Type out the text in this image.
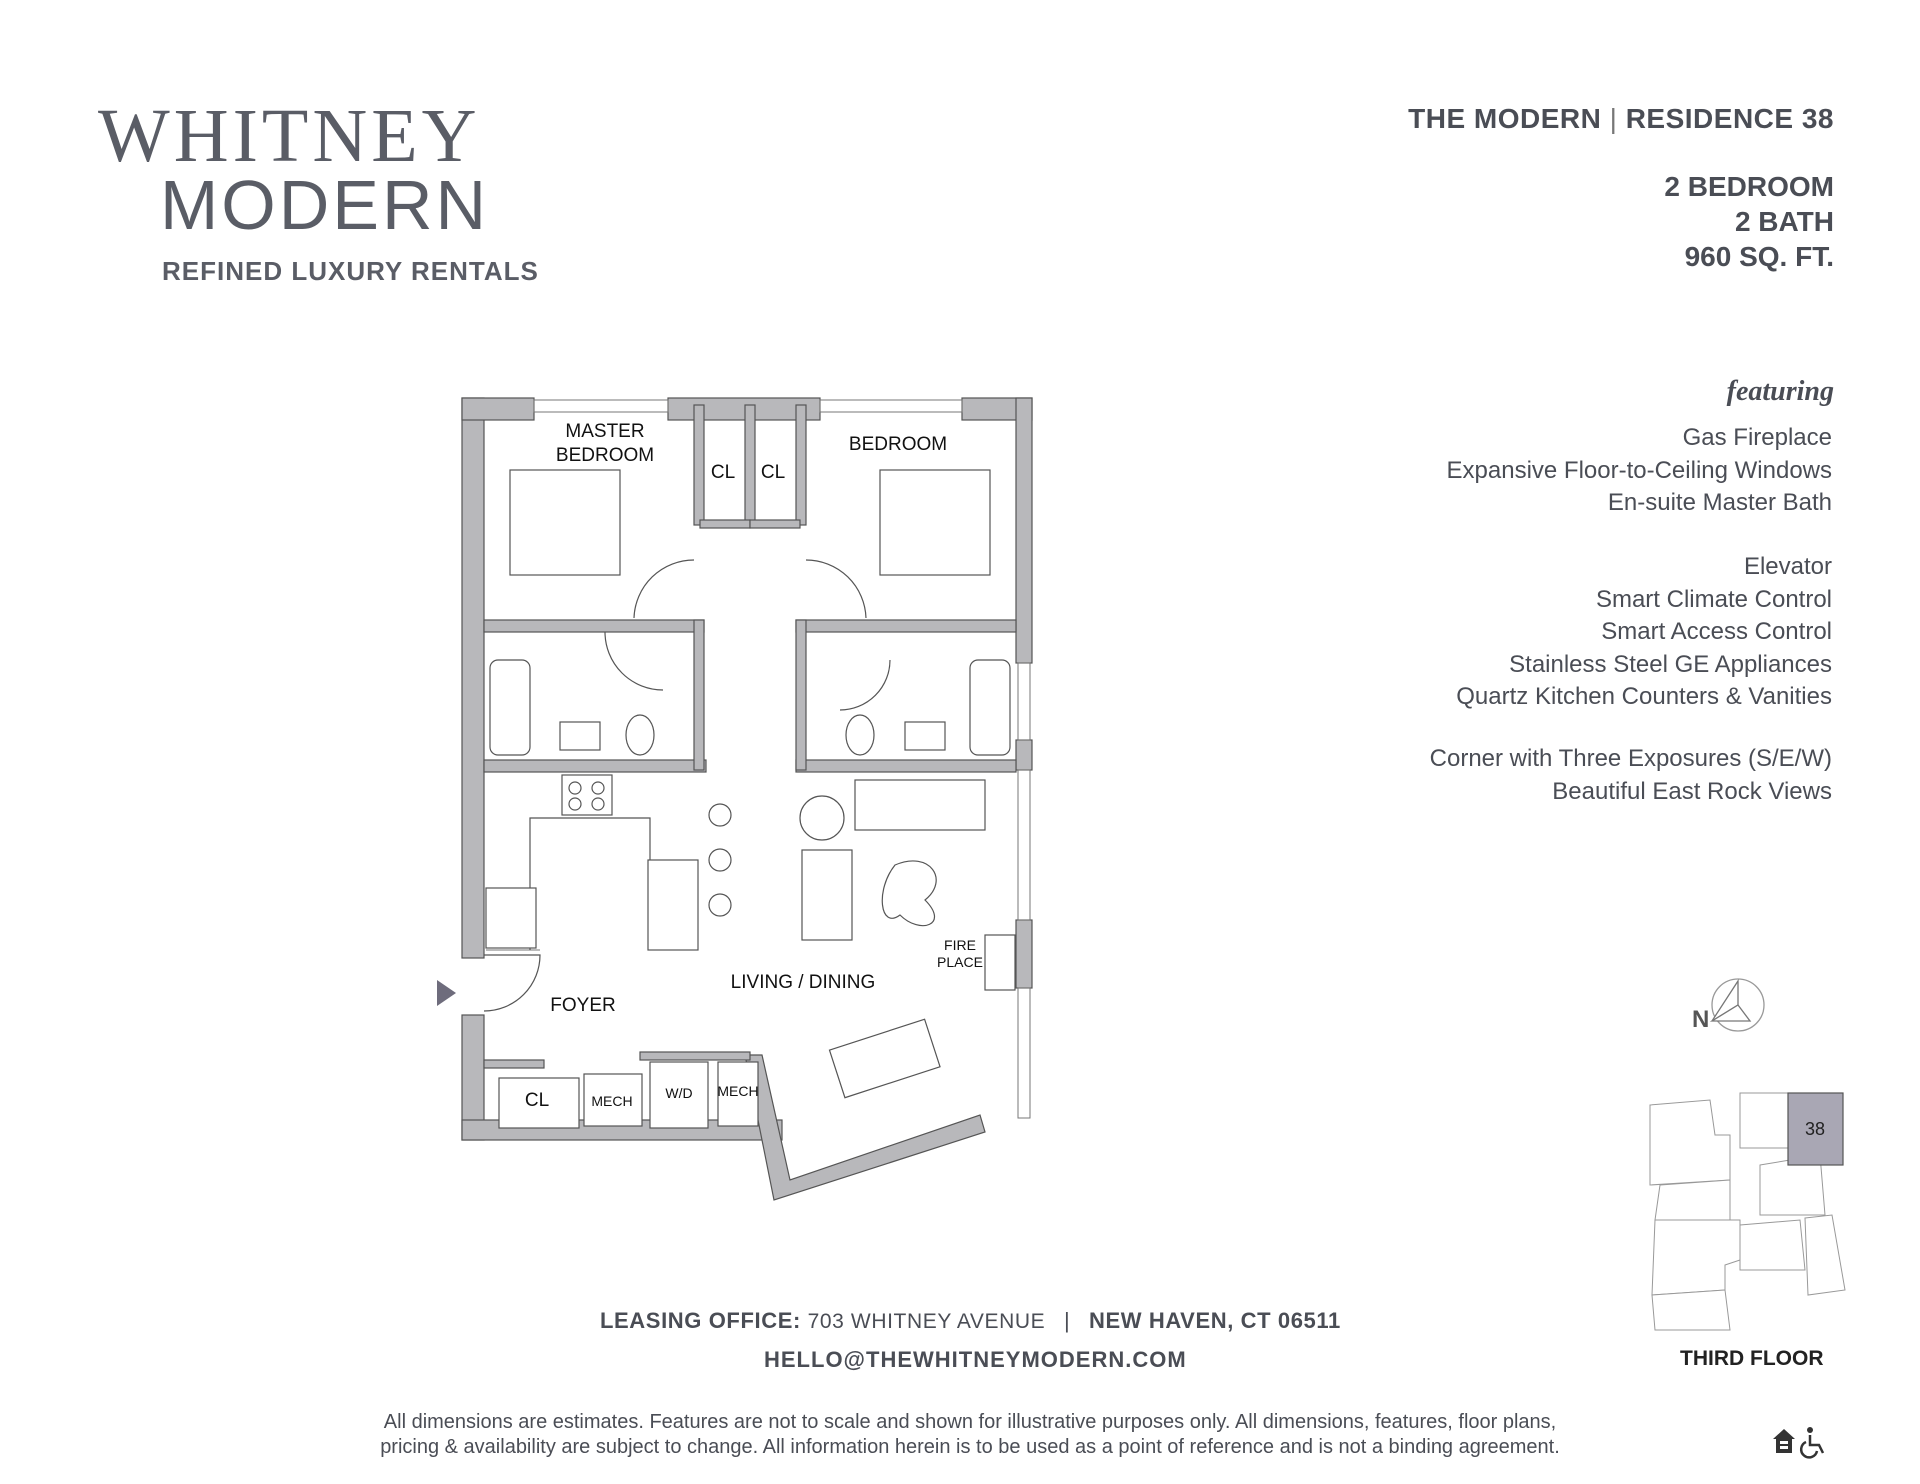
WHITNEY
MODERN
REFINED LUXURY RENTALS
THE MODERN | RESIDENCE 38
2 BEDROOM
2 BATH
960 SQ. FT.
featuring
Gas Fireplace
Expansive Floor-to-Ceiling Windows
En-suite Master Bath
Elevator
Smart Climate Control
Smart Access Control
Stainless Steel GE Appliances
Quartz Kitchen Counters & Vanities
Corner with Three Exposures (S/E/W)
Beautiful East Rock Views
MASTER
BEDROOM
CL CL
BEDROOM
LIVING / DINING
FIRE
PLACE
FOYER
CL	MECH W/D MECH
N
38
THIRD FLOOR
LEASING OFFICE: 703 WHITNEY AVENUE | NEW HAVEN, CT 06511
HELLO@THEWHITNEYMODERN.COM
All dimensions are estimates. Features are not to scale and shown for illustrative purposes only. All dimensions, features, floor plans,
pricing & availability are subject to change. All information herein is to be used as a point of reference and is not a binding agreement.
